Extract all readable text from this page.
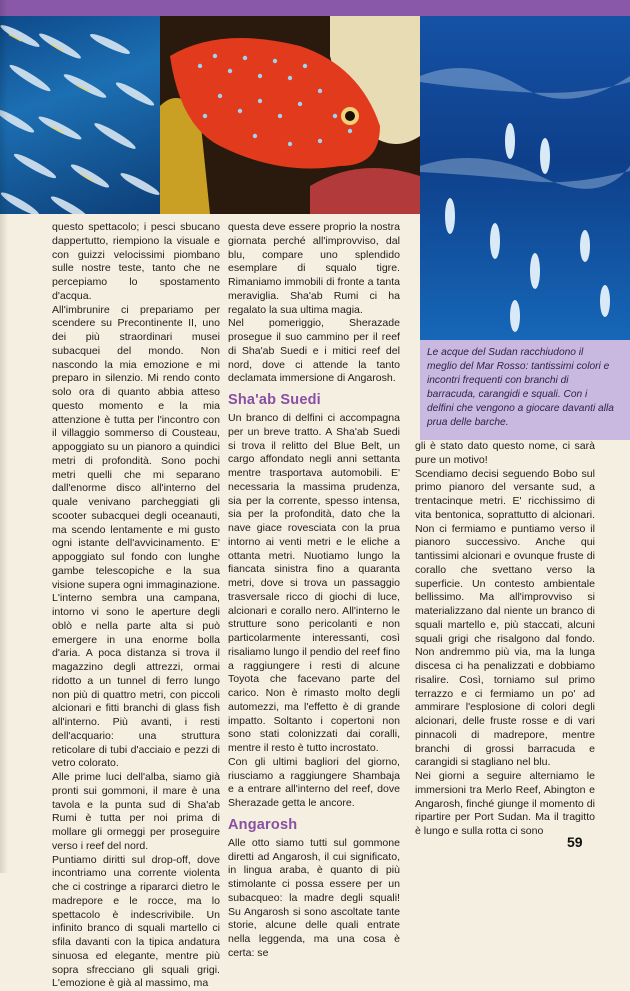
Le acque del Sudan racchiudono il meglio del Mar Rosso: tantissimi colori e incontri frequenti con branchi di barracuda, carangidi e squali. Con i delfini che vengono a giocare davanti alla prua delle barche.

questo spettacolo; i pesci sbucano dappertutto, riempiono la visuale e con guizzi velocissimi piombano sulle nostre teste, tanto che ne percepiamo lo spostamento d'acqua.

All'imbrunire ci prepariamo per scendere su Precontinente II, uno dei più straordinari musei subacquei del mondo. Non nascondo la mia emozione e mi preparo in silenzio. Mi rendo conto solo ora di quanto abbia atteso questo momento e la mia attenzione è tutta per l'incontro con il villaggio sommerso di Cousteau, appoggiato su un pianoro a quindici metri di profondità. Sono pochi metri quelli che mi separano dall'enorme disco all'interno del quale venivano parcheggiati gli scooter subacquei degli oceanauti, ma scendo lentamente e mi gusto ogni istante dell'avvicinamento. E' appoggiato sul fondo con lunghe gambe telescopiche e la sua visione supera ogni immaginazione. L'interno sembra una campana, intorno vi sono le aperture degli oblò e nella parte alta si può emergere in una enorme bolla d'aria. A poca distanza si trova il magazzino degli attrezzi, ormai ridotto a un tunnel di ferro lungo non più di quattro metri, con piccoli alcionari e fitti branchi di glass fish all'interno. Più avanti, i resti dell'acquario: una struttura reticolare di tubi d'acciaio e pezzi di vetro colorato.

Alle prime luci dell'alba, siamo già pronti sui gommoni, il mare è una tavola e la punta sud di Sha'ab Rumi è tutta per noi prima di mollare gli ormeggi per proseguire verso i reef del nord.

Puntiamo diritti sul drop-off, dove incontriamo una corrente violenta che ci costringe a ripararci dietro le madrepore e le rocce, ma lo spettacolo è indescrivibile. Un infinito branco di squali martello ci sfila davanti con la tipica andatura sinuosa ed elegante, mentre più sopra sfrecciano gli squali grigi. L'emozione è già al massimo, ma

questa deve essere proprio la nostra giornata perché all'improvviso, dal blu, compare uno splendido esemplare di squalo tigre. Rimaniamo immobili di fronte a tanta meraviglia. Sha'ab Rumi ci ha regalato la sua ultima magia.

Nel pomeriggio, Sherazade prosegue il suo cammino per il reef di Sha'ab Suedi e i mitici reef del nord, dove ci attende la tanto declamata immersione di Angarosh.

Sha'ab Suedi

Un branco di delfini ci accompagna per un breve tratto. A Sha'ab Suedi si trova il relitto del Blue Belt, un cargo affondato negli anni settanta mentre trasportava automobili. E' necessaria la massima prudenza, sia per la corrente, spesso intensa, sia per la profondità, dato che la nave giace rovesciata con la prua intorno ai venti metri e le eliche a ottanta metri. Nuotiamo lungo la fiancata sinistra fino a quaranta metri, dove si trova un passaggio trasversale ricco di giochi di luce, alcionari e corallo nero. All'interno le strutture sono pericolanti e non particolarmente interessanti, così risaliamo lungo il pendio del reef fino a raggiungere i resti di alcune Toyota che facevano parte del carico. Non è rimasto molto degli automezzi, ma l'effetto è di grande impatto. Soltanto i copertoni non sono stati colonizzati dai coralli, mentre il resto è tutto incrostato.

Con gli ultimi bagliori del giorno, riusciamo a raggiungere Shambaja e a entrare all'interno del reef, dove Sherazade getta le ancore.

Angarosh

Alle otto siamo tutti sul gommone diretti ad Angarosh, il cui significato, in lingua araba, è quanto di più stimolante ci possa essere per un subacqueo: la madre degli squali! Su Angarosh si sono ascoltate tante storie, alcune delle quali entrate nella leggenda, ma una cosa è certa: se

gli è stato dato questo nome, ci sarà pure un motivo!

Scendiamo decisi seguendo Bobo sul primo pianoro del versante sud, a trentacinque metri. E' ricchissimo di vita bentonica, soprattutto di alcionari. Non ci fermiamo e puntiamo verso il pianoro successivo. Anche qui tantissimi alcionari e ovunque fruste di corallo che svettano verso la superficie. Un contesto ambientale bellissimo. Ma all'improvviso si materializzano dal niente un branco di squali martello e, più staccati, alcuni squali grigi che risalgono dal fondo. Non andremmo più via, ma la lunga discesa ci ha penalizzati e dobbiamo risalire. Così, torniamo sul primo terrazzo e ci fermiamo un po' ad ammirare l'esplosione di colori degli alcionari, delle fruste rosse e di vari pinnacoli di madrepore, mentre branchi di grossi barracuda e carangidi si stagliano nel blu.

Nei giorni a seguire alterniamo le immersioni tra Merlo Reef, Abington e Angarosh, finché giunge il momento di ripartire per Port Sudan. Ma il tragitto è lungo e sulla rotta ci sono

59
